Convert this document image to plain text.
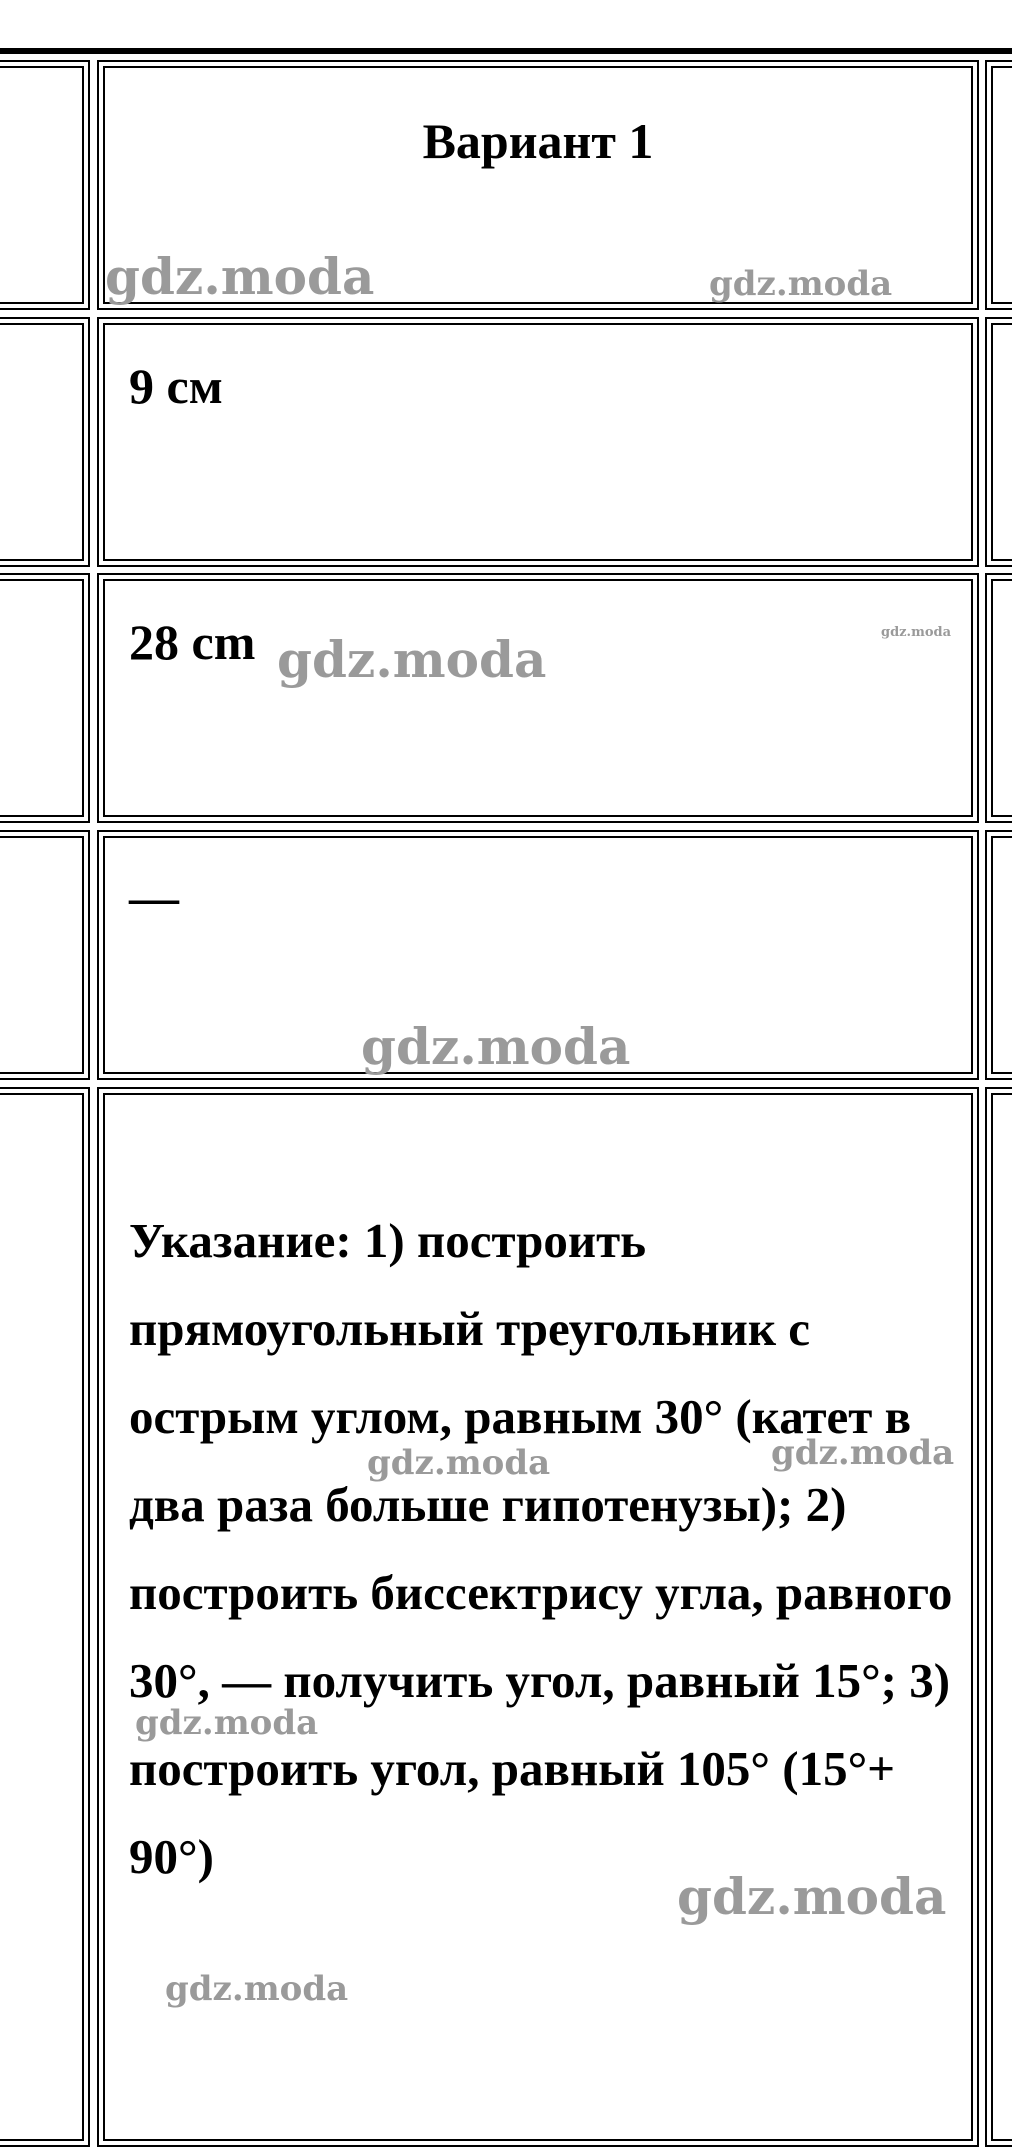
Вариант 1
gdz.moda	gdz.moda
9 см
28 cm gdz.moda	gdz.moda
—
gdz.moda
Указание: 1) построить прямоугольный треугольник с острым углом, равным 30° (катет в два раза больше гипотенузы); 2) построить биссектрису угла, равного 30°, — получить угол, равный 15°; 3) построить угол, равный 105° (15°+ 90°)
gdz.moda	gdz.moda
gdz.moda
gdz.moda
gdz.moda
